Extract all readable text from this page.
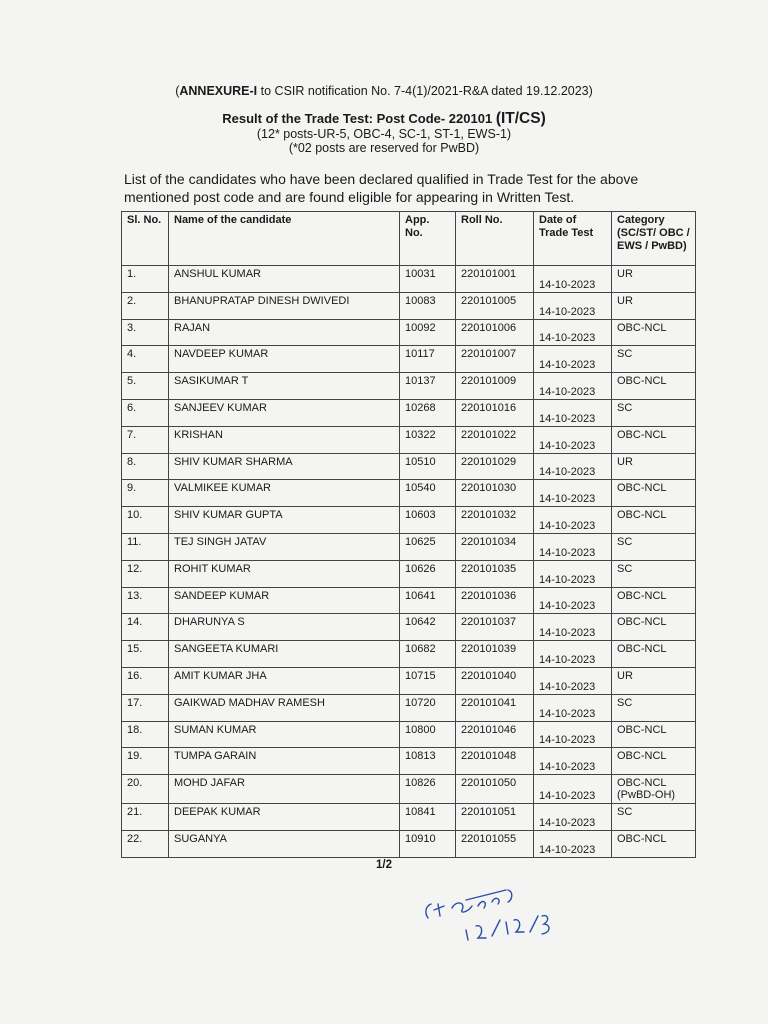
(ANNEXURE-I to CSIR notification No. 7-4(1)/2021-R&A dated 19.12.2023)
Result of the Trade Test: Post Code- 220101 (IT/CS)
(12* posts-UR-5, OBC-4, SC-1, ST-1, EWS-1)
(*02 posts are reserved for PwBD)
List of the candidates who have been declared qualified in Trade Test for the above mentioned post code and are found eligible for appearing in Written Test.
Sl. No.	Name of the candidate	App. No.	Roll No.	Date of Trade Test	Category (SC/ST/ OBC / EWS / PwBD)
1.	ANSHUL KUMAR	10031	220101001	14-10-2023	UR
2.	BHANUPRATAP DINESH DWIVEDI	10083	220101005	14-10-2023	UR
3.	RAJAN	10092	220101006	14-10-2023	OBC-NCL
4.	NAVDEEP KUMAR	10117	220101007	14-10-2023	SC
5.	SASIKUMAR T	10137	220101009	14-10-2023	OBC-NCL
6.	SANJEEV KUMAR	10268	220101016	14-10-2023	SC
7.	KRISHAN	10322	220101022	14-10-2023	OBC-NCL
8.	SHIV KUMAR SHARMA	10510	220101029	14-10-2023	UR
9.	VALMIKEE KUMAR	10540	220101030	14-10-2023	OBC-NCL
10.	SHIV KUMAR GUPTA	10603	220101032	14-10-2023	OBC-NCL
11.	TEJ SINGH JATAV	10625	220101034	14-10-2023	SC
12.	ROHIT KUMAR	10626	220101035	14-10-2023	SC
13.	SANDEEP KUMAR	10641	220101036	14-10-2023	OBC-NCL
14.	DHARUNYA S	10642	220101037	14-10-2023	OBC-NCL
15.	SANGEETA KUMARI	10682	220101039	14-10-2023	OBC-NCL
16.	AMIT KUMAR JHA	10715	220101040	14-10-2023	UR
17.	GAIKWAD MADHAV RAMESH	10720	220101041	14-10-2023	SC
18.	SUMAN KUMAR	10800	220101046	14-10-2023	OBC-NCL
19.	TUMPA GARAIN	10813	220101048	14-10-2023	OBC-NCL
20.	MOHD JAFAR	10826	220101050	14-10-2023	OBC-NCL (PwBD-OH)
21.	DEEPAK KUMAR	10841	220101051	14-10-2023	SC
22.	SUGANYA	10910	220101055	14-10-2023	OBC-NCL
1/2
